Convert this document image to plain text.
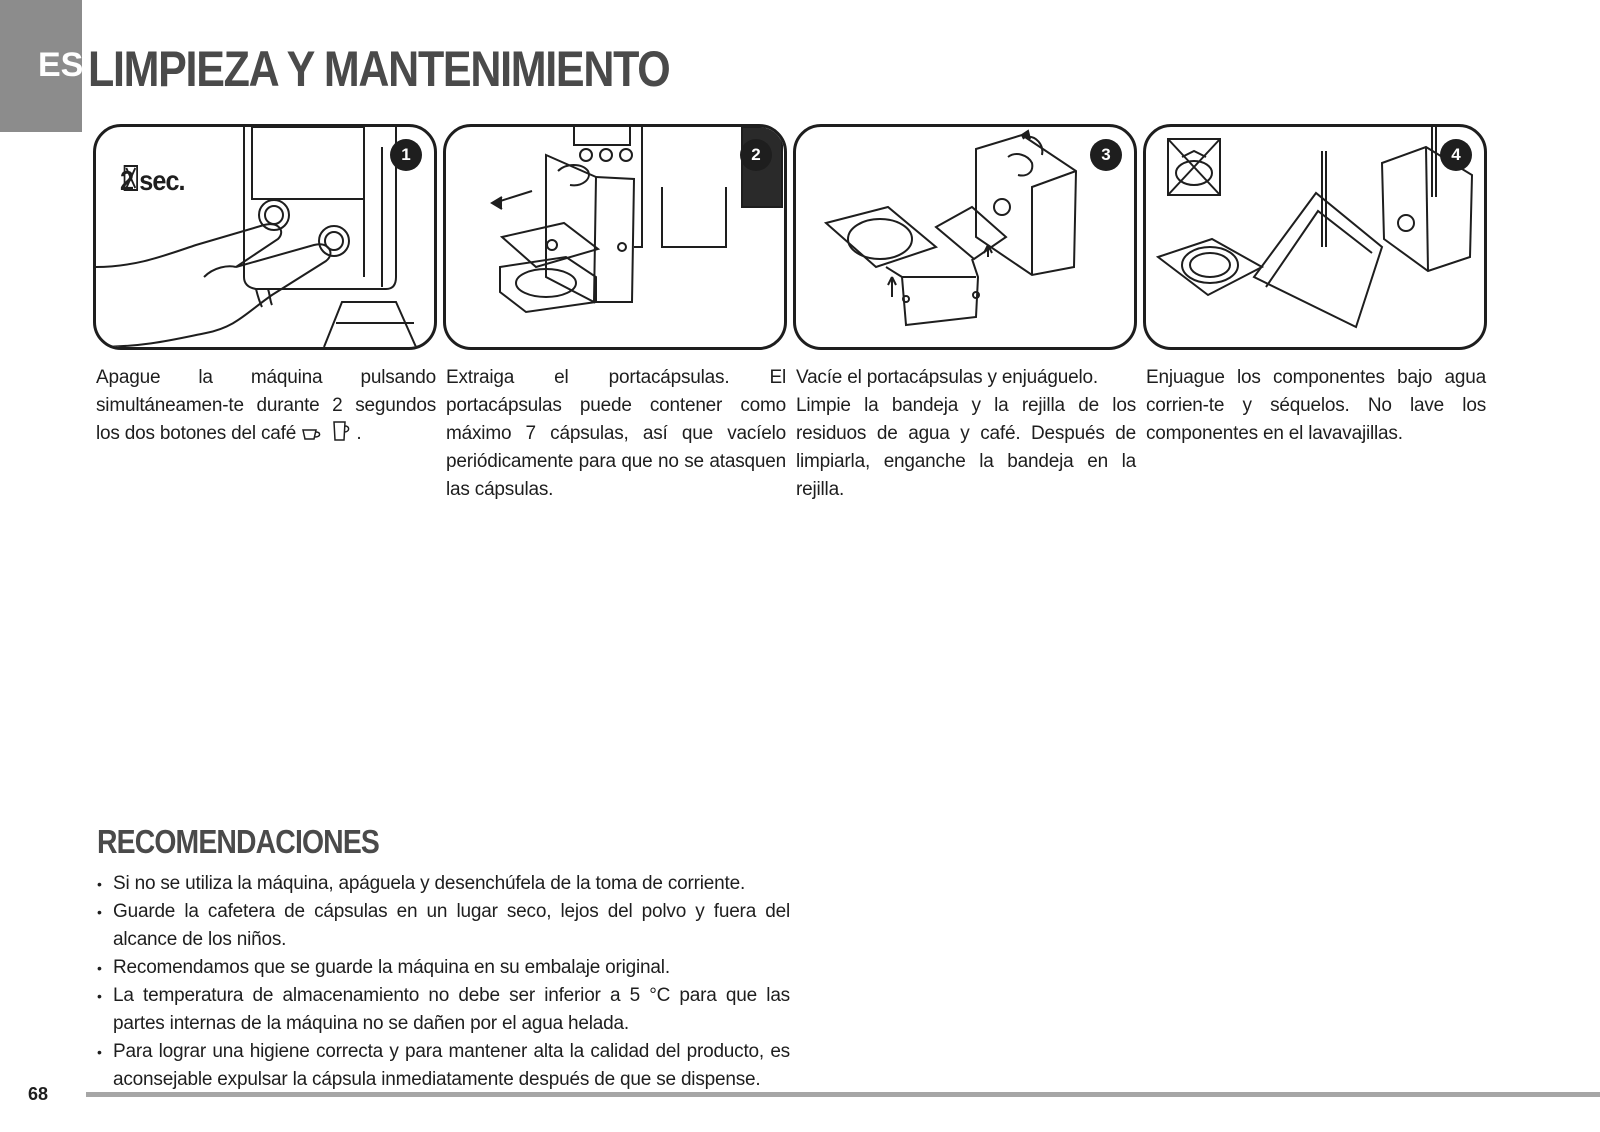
ES LIMPIEZA Y MANTENIMIENTO
2 sec.
1	2	3	4
Apague la máquina pulsando simultáneamen-te durante 2 segundos los dos botones del café	.
Extraiga el portacápsulas. El portacápsulas puede contener como máximo 7 cápsulas, así que vacíelo periódicamente para que no se atasquen las cápsulas.

Vacíe el portacápsulas y enjuáguelo.

Limpie la bandeja y la rejilla de los residuos de agua y café. Después de limpiarla, enganche la bandeja en la rejilla.

Enjuague los componentes bajo agua corrien-te y séquelos. No lave los componentes en el lavavajillas.
RECOMENDACIONES
• Si no se utiliza la máquina, apáguela y desenchúfela de la toma de corriente.
• Guarde la cafetera de cápsulas en un lugar seco, lejos del polvo y fuera del alcance de los niños.
• Recomendamos que se guarde la máquina en su embalaje original.
• La temperatura de almacenamiento no debe ser inferior a 5 °C para que las partes internas de la máquina no se dañen por el agua helada.
• Para lograr una higiene correcta y para mantener alta la calidad del producto, es aconsejable expulsar la cápsula inmediatamente después de que se dispense.
68
